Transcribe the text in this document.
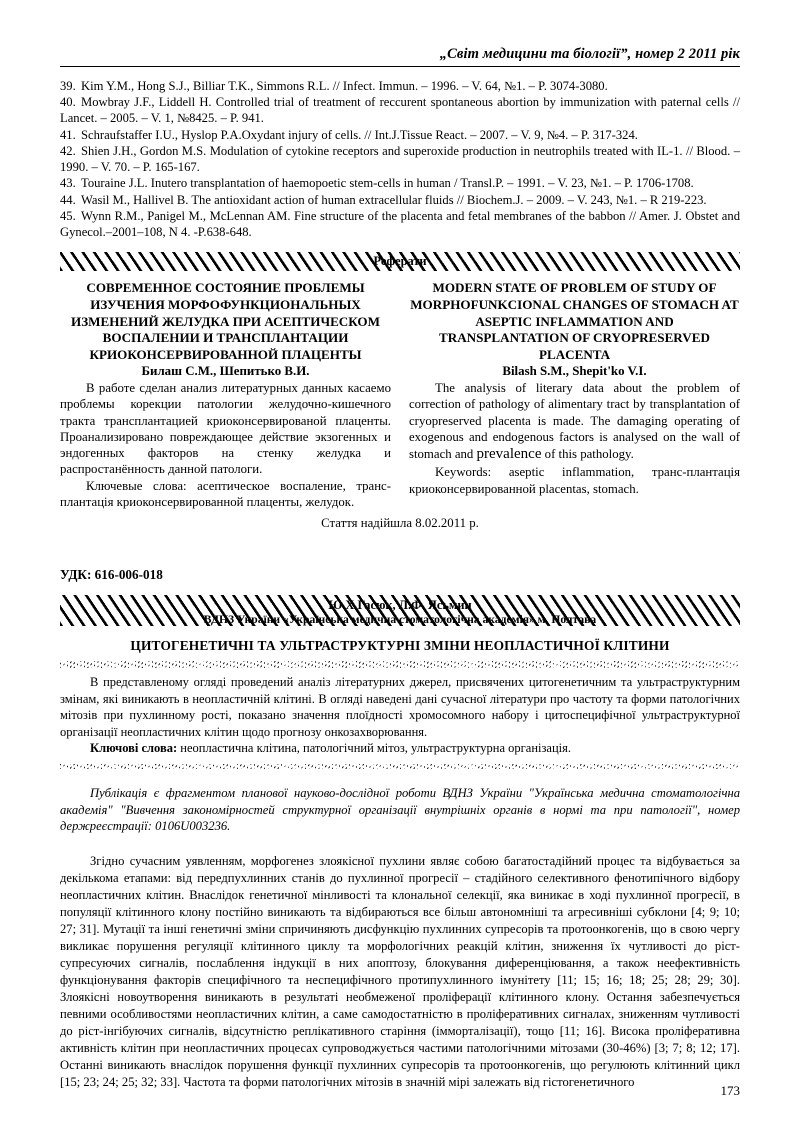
„Світ медицини та біології”, номер 2 2011 рік
39. Kim Y.M., Hong S.J., Billiar T.K., Simmons R.L. // Infect. Immun. – 1996. – V. 64, №1. – P. 3074-3080.
40. Mowbray J.F., Liddell H. Controlled trial of treatment of reccurent spontaneous abortion by immunization with paternal cells // Lancet. – 2005. – V. 1, №8425. – P. 941.
41. Schraufstaffer I.U., Hyslop P.A.Oxydant injury of cells. // Int.J.Tissue React. – 2007. – V. 9, №4. – P. 317-324.
42. Shien J.H., Gordon M.S. Modulation of cytokine receptors and superoxide production in neutrophils treated with IL-1. // Blood. – 1990. – V. 70. – P. 165-167.
43. Touraine J.L. Inutero transplantation of haemopoetic stem-cells in human / Transl.P. – 1991. – V. 23, №1. – P. 1706-1708.
44. Wasil M., Hallivel B. The antioxidant action of human extracellular fluids // Biochem.J. – 2009. – V. 243, №1. – R 219-223.
45. Wynn R.M., Panigel M., McLennan AM. Fine structure of the placenta and fetal membranes of the babbon // Amer. J. Obstet and Gynecol.–2001–108, N 4. -P.638-648.
Реферати
СОВРЕМЕННОЕ СОСТОЯНИЕ ПРОБЛЕМЫ ИЗУЧЕНИЯ МОРФОФУНКЦИОНАЛЬНЫХ ИЗМЕНЕНИЙ ЖЕЛУДКА ПРИ АСЕПТИЧЕСКОМ ВОСПАЛЕНИИ И ТРАНСПЛАНТАЦИИ КРИОКОНСЕРВИРОВАННОЙ ПЛАЦЕНТЫ
Билаш С.М., Шепитько В.И.

В работе сделан анализ литературных данных касаемо проблемы корекции патологии желудочно-кишечного тракта трансплантацией криоконсервированой плаценты. Проанализировано повреждающее действие экзогенных и эндогенных факторов на стенку желудка и распростанённость данной патологи.

Ключевые слова: асептическое воспаление, транс-плантація криоконсервированной плаценты, желудок.

MODERN STATE OF PROBLEM OF STUDY OF MORPHOFUNKCIONAL CHANGES OF STOMACH AT ASEPTIC INFLAMMATION AND TRANSPLANTATION OF CRYOPRESERVED PLACENTA
Bilash S.M., Shepit'ko V.I.

The analysis of literary data about the problem of correction of pathology of alimentary tract by transplantation of cryopreserved placenta is made. The damaging operating of exogenous and endogenous factors is analysed on the wall of stomach and prevalence of this pathology.

Keywords: aseptic inflammation, транс-плантація криоконсервированной placentas, stomach.

Стаття надійшла 8.02.2011 р.
УДК: 616-006-018
Ю.Х.Гасюк, Л.Ф. Ясьмин
ВДНЗ України «Українська медична стоматологічна академія» м. Полтава
ЦИТОГЕНЕТИЧНІ ТА УЛЬТРАСТРУКТУРНІ ЗМІНИ НЕОПЛАСТИЧНОЇ КЛІТИНИ

В представленому огляді проведений аналіз літературних джерел, присвячених цитогенетичним та ультраструктурним змінам, які виникають в неопластичній клітині. В огляді наведені дані сучасної літератури про частоту та форми патологічних мітозів при пухлинному рості, показано значення плоїдності хромосомного набору і цитоспецифічної ультраструктурної організації неопластичних клітин щодо прогнозу онкозахворювання.

Ключові слова: неопластична клітина, патологічний мітоз, ультраструктурна організація.

Публікація є фрагментом планової науково-дослідної роботи ВДНЗ України "Українська медична стоматологічна академія" "Вивчення закономірностей структурної організації внутрішніх органів в нормі та при патології", номер держреєстрації: 0106U003236.

Згідно сучасним уявленням, морфогенез злоякісної пухлини являє собою багатостадійний процес та відбувається за декількома етапами: від передпухлинних станів до пухлинної прогресії – стадійного селективного фенотипічного відбору неопластичних клітин. Внаслідок генетичної мінливості та клональної селекції, яка виникає в ході пухлинної прогресії, в популяції клітинного клону постійно виникають та відбираються все більш автономніші та агресивніші субклони [4; 9; 10; 27; 31]. Мутації та інші генетичні зміни спричиняють дисфункцію пухлинних супресорів та протоонкогенів, що в свою чергу викликає порушення регуляції клітинного циклу та морфологічних реакцій клітин, зниження їх чутливості до ріст-супресуючих сигналів, послаблення індукції в них апоптозу, блокування диференціювання, а також неефективність функціонування факторів специфічного та неспецифічного протипухлинного імунітету [11; 15; 16; 18; 25; 28; 29; 30]. Злоякісні новоутворення виникають в результаті необмеженої проліферації клітинного клону. Остання забезпечується певними особливостями неопластичних клітин, а саме самодостатністю в проліферативних сигналах, зниженням чутливості до ріст-інгібуючих сигналів, відсутністю реплікативного старіння (імморталізації), тощо [11; 16]. Висока проліферативна активність клітин при неопластичних процесах супроводжується частими патологічними мітозами (30-46%) [3; 7; 8; 12; 17]. Останні виникають внаслідок порушення функції пухлинних супресорів та протоонкогенів, що регулюють клітинний цикл [15; 23; 24; 25; 32; 33]. Частота та форми патологічних мітозів в значній мірі залежать від гістогенетичного

173
